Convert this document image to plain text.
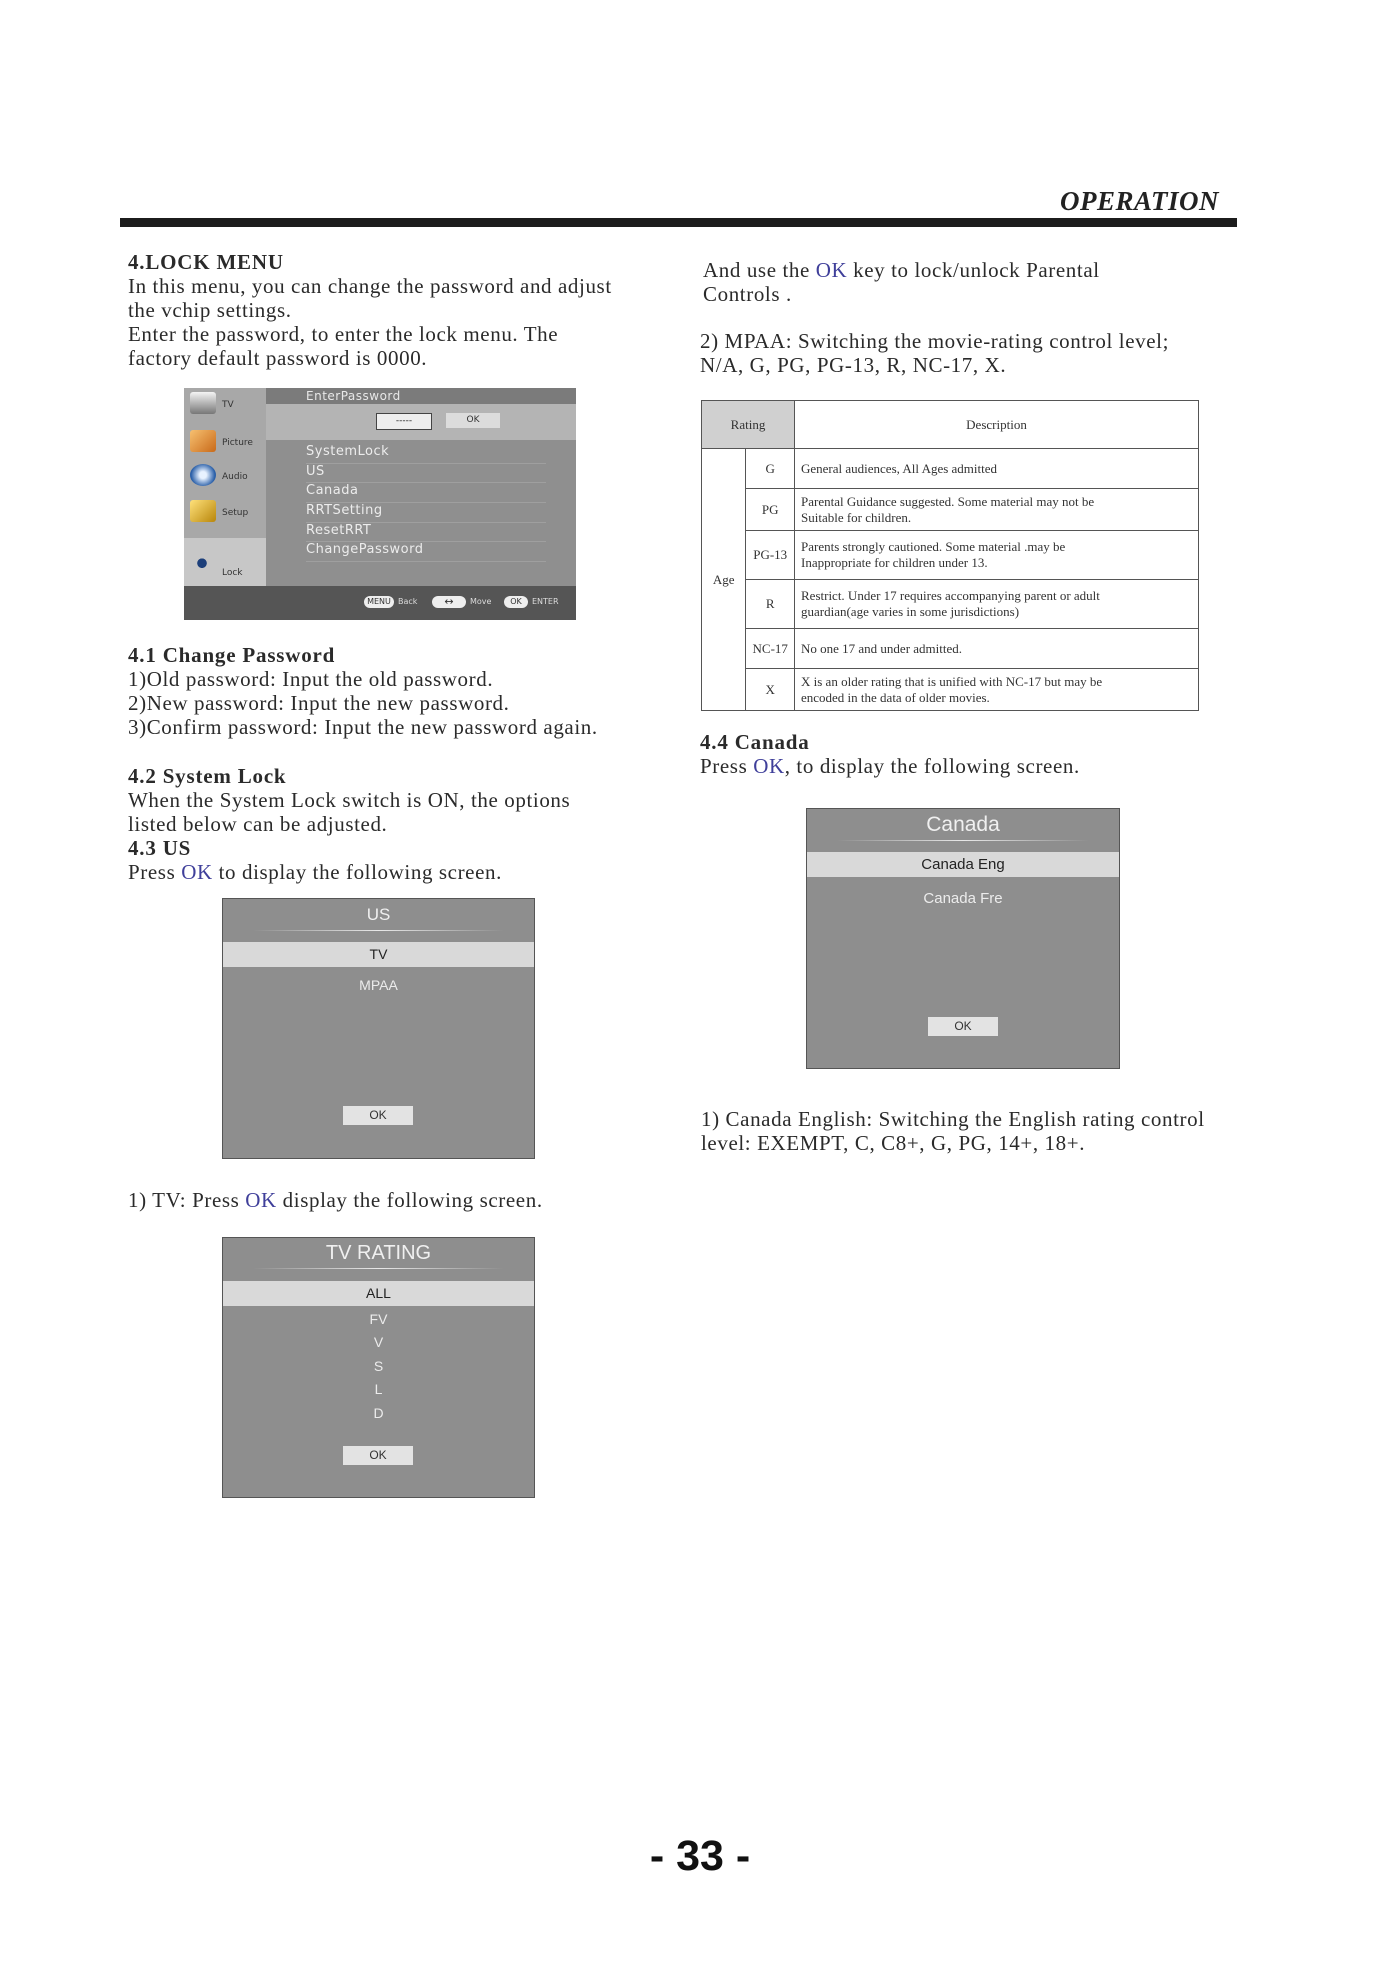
OPERATION
4.LOCK MENU
In this menu, you can change the password and adjust
the vchip settings.
Enter the password, to enter the lock menu. The
factory default password is 0000.
TV
Picture
Audio
Setup
Lock
EnterPassword
-----	OK
SystemLock
US
Canada
RRTSetting
ResetRRT
ChangePassword
MENU Back	↔	Move	OK	ENTER
4.1 Change Password
1)Old password: Input the old password.
2)New password: Input the new password.
3)Confirm password: Input the new password again.
4.2 System Lock
When the System Lock switch is ON, the options
listed below can be adjusted.
4.3 US
Press OK to display the following screen.
US
TV
MPAA
OK
1) TV: Press OK display the following screen.
TV RATING
ALL
FV
V
S
L
D
OK
And use the OK key to lock/unlock Parental
Controls .
2) MPAA: Switching the movie-rating control level;
N/A, G, PG, PG-13, R, NC-17, X.
Rating		Description
Age	G	General audiences, All Ages admitted

	PG	Parental Guidance suggested. Some material may not be
Suitable for children.

	PG-13	Parents strongly cautioned. Some material .may be
Inappropriate for children under 13.

	R	Restrict. Under 17 requires accompanying parent or adult
guardian(age varies in some jurisdictions)

	NC-17	No one 17 and under admitted.

	X	X is an older rating that is unified with NC-17 but may be
encoded in the data of older movies.
4.4 Canada
Press OK, to display the following screen.
Canada
Canada Eng
Canada Fre
OK
1) Canada English: Switching the English rating control
level: EXEMPT, C, C8+, G, PG, 14+, 18+.
- 33 -
